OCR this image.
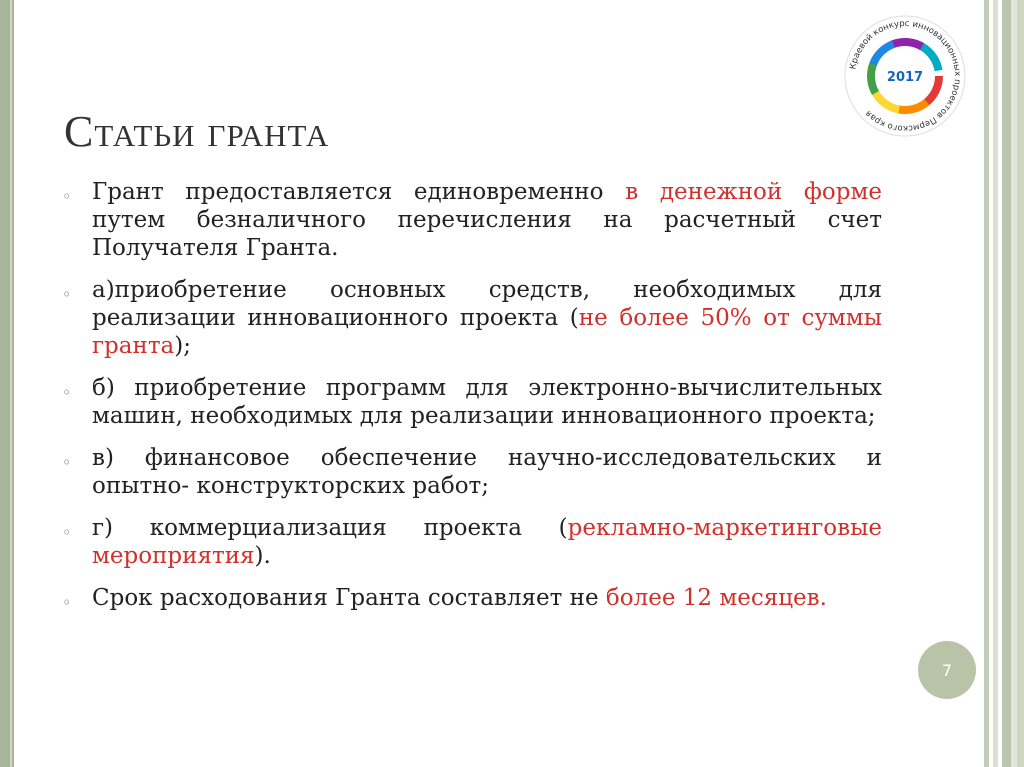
Статьи гранта
2017
Краевой конкурс инновационных проектов Пермского края
◦ Грант предоставляется единовременно в денежной форме путем безналичного перечисления на расчетный счет Получателя Гранта.
◦ а)приобретение основных средств, необходимых для реализации инновационного проекта (не более 50% от суммы гранта);
◦ б) приобретение программ для электронно-вычислительных машин, необходимых для реализации инновационного проекта;
◦ в) финансовое обеспечение научно-исследовательских и опытно- конструкторских работ;
◦ г) коммерциализация проекта (рекламно-маркетинговые мероприятия).
◦ Срок расходования Гранта составляет не более 12 месяцев.
7
